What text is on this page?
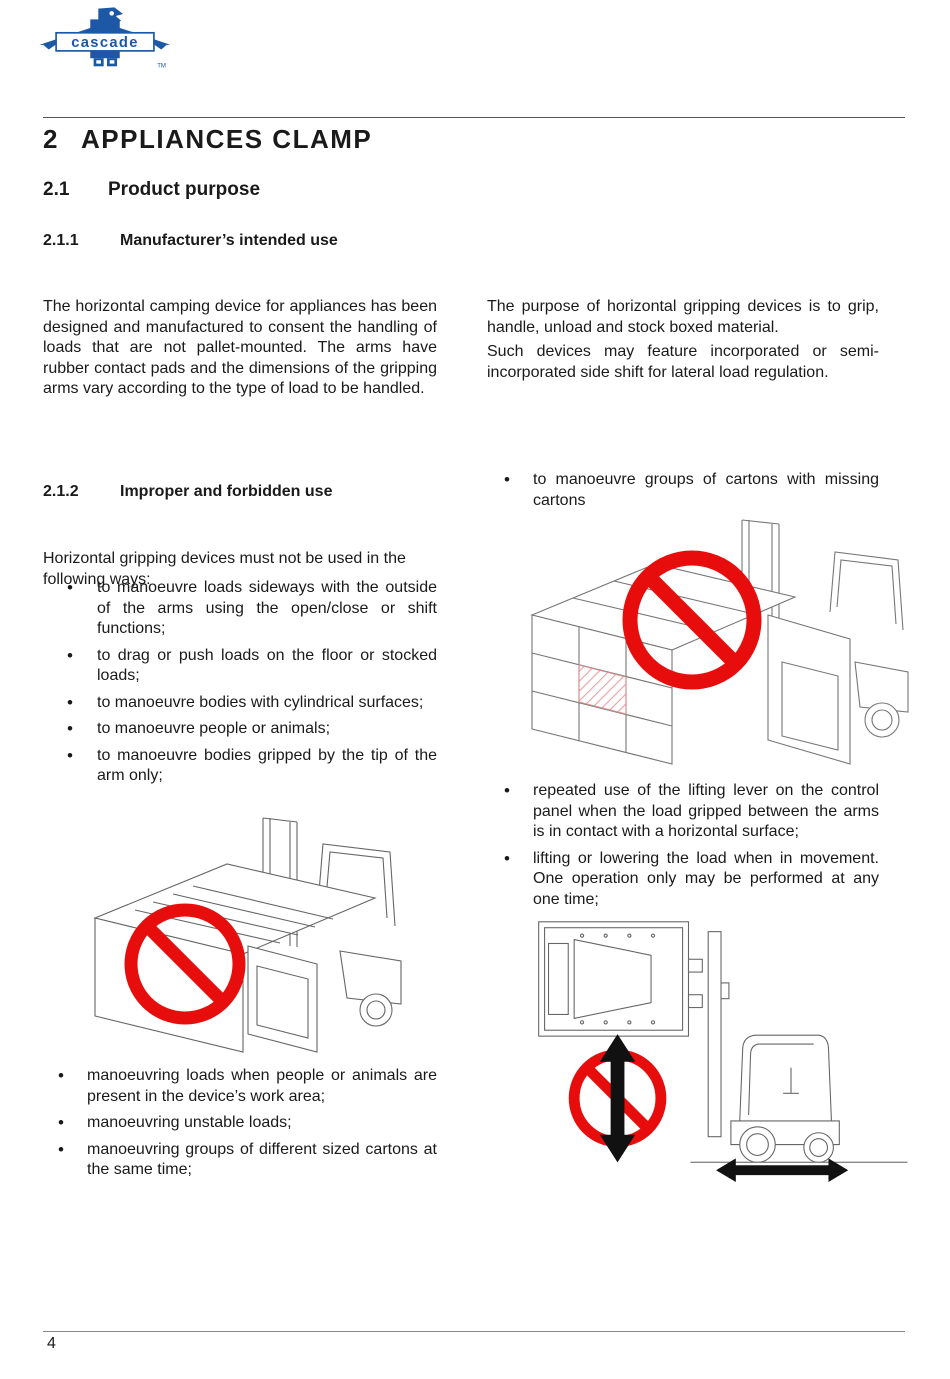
cascade
TM
2 APPLIANCES CLAMP
2.1	Product purpose
2.1.1	Manufacturer’s intended use

The horizontal camping device for appliances has been designed and manufactured to consent the handling of loads that are not pallet-mounted. The arms have rubber contact pads and the dimensions of the gripping arms vary according to the type of load to be handled.

The purpose of horizontal gripping devices is to grip, handle, unload and stock boxed material.

Such devices may feature incorporated or semi-incorporated side shift for lateral load regulation.

2.1.2	Improper and forbidden use

Horizontal gripping devices must not be used in the following ways:

• to manoeuvre loads sideways with the outside of the arms using the open/close or shift functions;
• to drag or push loads on the floor or stocked loads;
• to manoeuvre bodies with cylindrical surfaces;
• to manoeuvre people or animals;
• to manoeuvre bodies gripped by the tip of the arm only;
• to manoeuvre groups of cartons with missing cartons
• repeated use of the lifting lever on the control panel when the load gripped between the arms is in contact with a horizontal surface;
• lifting or lowering the load when in movement. One operation only may be performed at any one time;
• manoeuvring loads when people or animals are present in the device’s work area;
• manoeuvring unstable loads;
• manoeuvring groups of different sized cartons at the same time;
4
